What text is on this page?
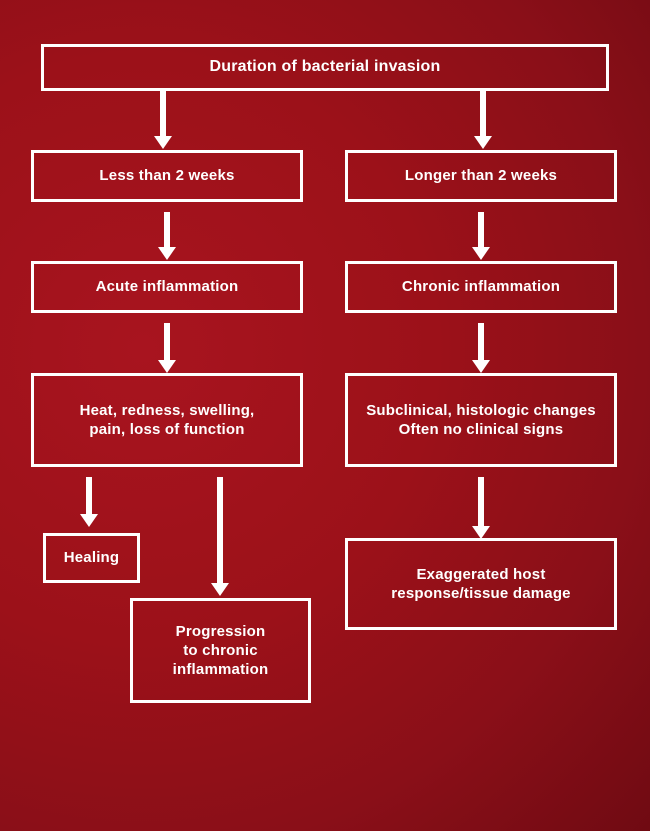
Duration of bacterial invasion
Less than 2 weeks	Longer than 2 weeks
Acute inflammation	Chronic inflammation
Heat, redness, swelling,
pain, loss of function
Subclinical, histologic changes
Often no clinical signs
Healing
Progression
to chronic
inflammation
Exaggerated host
response/tissue damage
